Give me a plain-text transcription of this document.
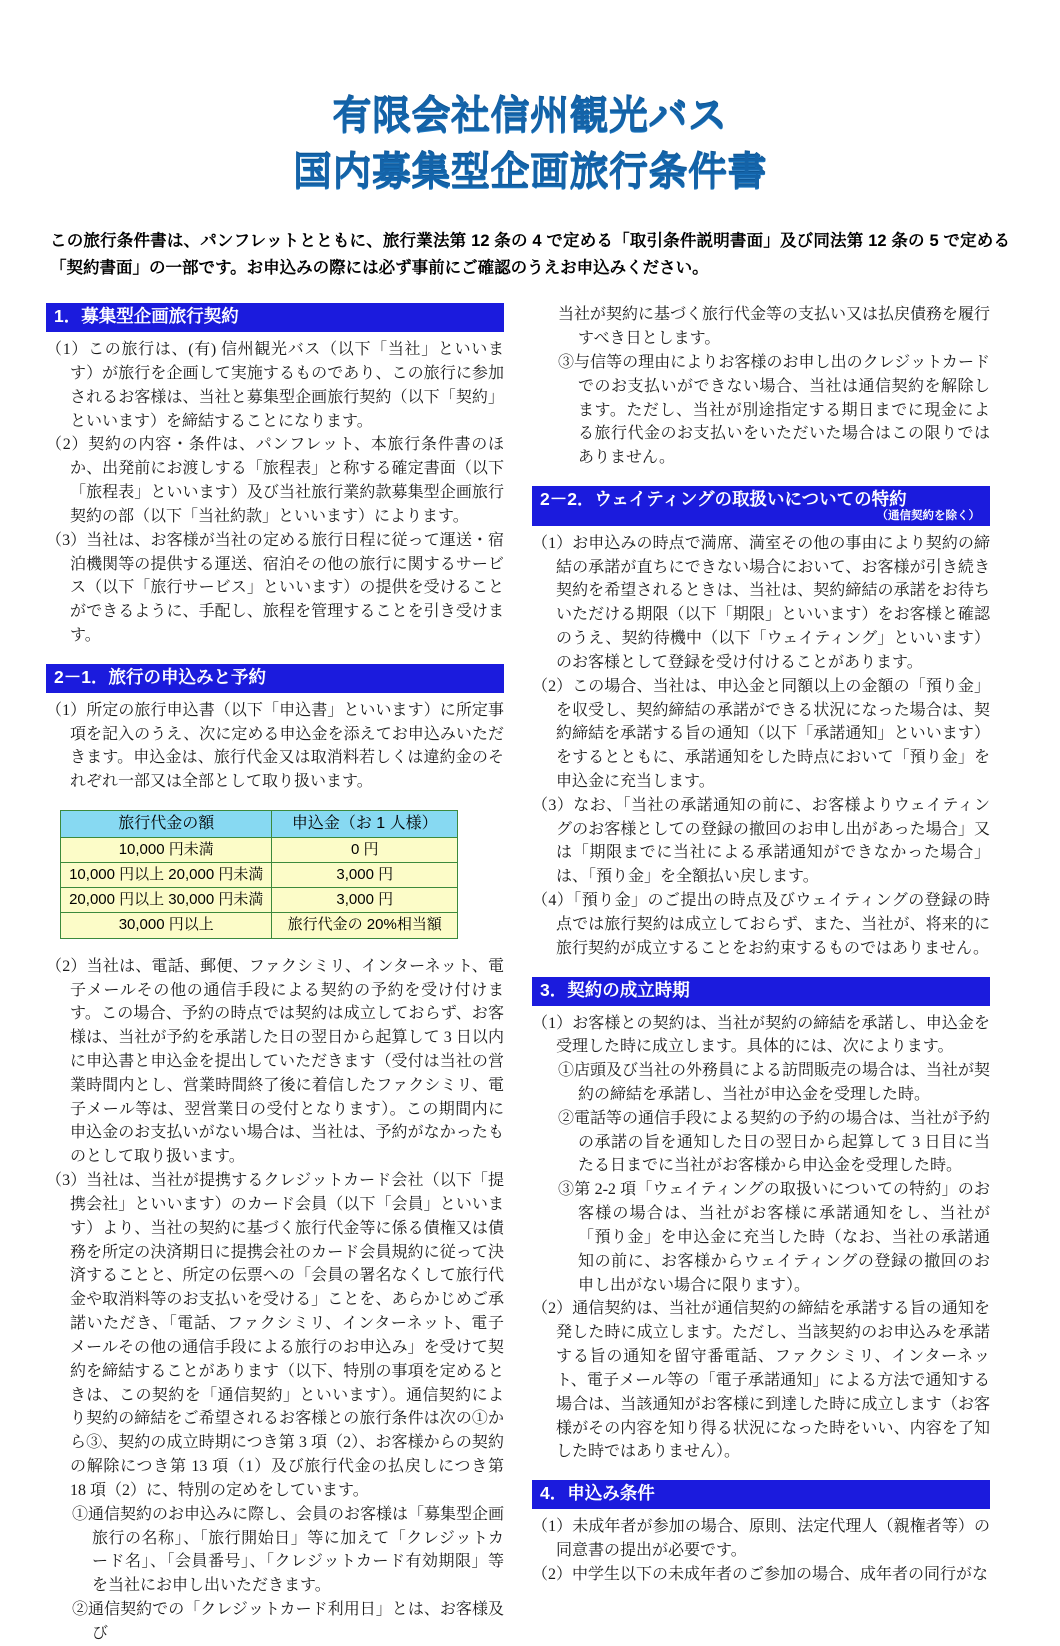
有限会社信州観光バス
国内募集型企画旅行条件書
この旅行条件書は、パンフレットとともに、旅行業法第 12 条の 4 で定める「取引条件説明書面」及び同法第 12 条の 5 で定める「契約書面」の一部です。お申込みの際には必ず事前にご確認のうえお申込みください。
1．募集型企画旅行契約

（1）この旅行は、(有) 信州観光バス（以下「当社」といいます）が旅行を企画して実施するものであり、この旅行に参加されるお客様は、当社と募集型企画旅行契約（以下「契約」といいます）を締結することになります。

（2）契約の内容・条件は、パンフレット、本旅行条件書のほか、出発前にお渡しする「旅程表」と称する確定書面（以下「旅程表」といいます）及び当社旅行業約款募集型企画旅行契約の部（以下「当社約款」といいます）によります。

（3）当社は、お客様が当社の定める旅行日程に従って運送・宿泊機関等の提供する運送、宿泊その他の旅行に関するサービス（以下「旅行サービス」といいます）の提供を受けることができるように、手配し、旅程を管理することを引き受けます。

2－1．旅行の申込みと予約

（1）所定の旅行申込書（以下「申込書」といいます）に所定事項を記入のうえ、次に定める申込金を添えてお申込みいただきます。申込金は、旅行代金又は取消料若しくは違約金のそれぞれ一部又は全部として取り扱います。

旅行代金の額	申込金（お 1 人様）
10,000 円未満	0 円
10,000 円以上 20,000 円未満	3,000 円
20,000 円以上 30,000 円未満	3,000 円
30,000 円以上	旅行代金の 20%相当額

（2）当社は、電話、郵便、ファクシミリ、インターネット、電子メールその他の通信手段による契約の予約を受け付けます。この場合、予約の時点では契約は成立しておらず、お客様は、当社が予約を承諾した日の翌日から起算して 3 日以内に申込書と申込金を提出していただきます（受付は当社の営業時間内とし、営業時間終了後に着信したファクシミリ、電子メール等は、翌営業日の受付となります）。この期間内に申込金のお支払いがない場合は、当社は、予約がなかったものとして取り扱います。

（3）当社は、当社が提携するクレジットカード会社（以下「提携会社」といいます）のカード会員（以下「会員」といいます）より、当社の契約に基づく旅行代金等に係る債権又は債務を所定の決済期日に提携会社のカード会員規約に従って決済することと、所定の伝票への「会員の署名なくして旅行代金や取消料等のお支払いを受ける」ことを、あらかじめご承諾いただき、「電話、ファクシミリ、インターネット、電子メールその他の通信手段による旅行のお申込み」を受けて契約を締結することがあります（以下、特別の事項を定めるときは、この契約を「通信契約」といいます）。通信契約により契約の締結をご希望されるお客様との旅行条件は次の①から③、契約の成立時期につき第 3 項（2）、お客様からの契約の解除につき第 13 項（1）及び旅行代金の払戻しにつき第 18 項（2）に、特別の定めをしています。

①通信契約のお申込みに際し、会員のお客様は「募集型企画旅行の名称」、「旅行開始日」等に加えて「クレジットカード名」、「会員番号」、「クレジットカード有効期限」等を当社にお申し出いただきます。

②通信契約での「クレジットカード利用日」とは、お客様及び

当社が契約に基づく旅行代金等の支払い又は払戻債務を履行すべき日とします。

③与信等の理由によりお客様のお申し出のクレジットカードでのお支払いができない場合、当社は通信契約を解除します。ただし、当社が別途指定する期日までに現金による旅行代金のお支払いをいただいた場合はこの限りではありません。

2－2．ウェイティングの取扱いについての特約
（通信契約を除く）

（1）お申込みの時点で満席、満室その他の事由により契約の締結の承諾が直ちにできない場合において、お客様が引き続き契約を希望されるときは、当社は、契約締結の承諾をお待ちいただける期限（以下「期限」といいます）をお客様と確認のうえ、契約待機中（以下「ウェイティング」といいます）のお客様として登録を受け付けることがあります。

（2）この場合、当社は、申込金と同額以上の金額の「預り金」を収受し、契約締結の承諾ができる状況になった場合は、契約締結を承諾する旨の通知（以下「承諾通知」といいます）をするとともに、承諾通知をした時点において「預り金」を申込金に充当します。

（3）なお、「当社の承諾通知の前に、お客様よりウェイティングのお客様としての登録の撤回のお申し出があった場合」又は「期限までに当社による承諾通知ができなかった場合」は、「預り金」を全額払い戻します。

（4）「預り金」のご提出の時点及びウェイティングの登録の時点では旅行契約は成立しておらず、また、当社が、将来的に旅行契約が成立することをお約束するものではありません。

3．契約の成立時期

（1）お客様との契約は、当社が契約の締結を承諾し、申込金を受理した時に成立します。具体的には、次によります。

①店頭及び当社の外務員による訪問販売の場合は、当社が契約の締結を承諾し、当社が申込金を受理した時。

②電話等の通信手段による契約の予約の場合は、当社が予約の承諾の旨を通知した日の翌日から起算して 3 日目に当たる日までに当社がお客様から申込金を受理した時。

③第 2-2 項「ウェイティングの取扱いについての特約」のお客様の場合は、当社がお客様に承諾通知をし、当社が「預り金」を申込金に充当した時（なお、当社の承諾通知の前に、お客様からウェイティングの登録の撤回のお申し出がない場合に限ります）。

（2）通信契約は、当社が通信契約の締結を承諾する旨の通知を発した時に成立します。ただし、当該契約のお申込みを承諾する旨の通知を留守番電話、ファクシミリ、インターネット、電子メール等の「電子承諾通知」による方法で通知する場合は、当該通知がお客様に到達した時に成立します（お客様がその内容を知り得る状況になった時をいい、内容を了知した時ではありません）。

4．申込み条件

（1）未成年者が参加の場合、原則、法定代理人（親権者等）の同意書の提出が必要です。

（2）中学生以下の未成年者のご参加の場合、成年者の同行がな
